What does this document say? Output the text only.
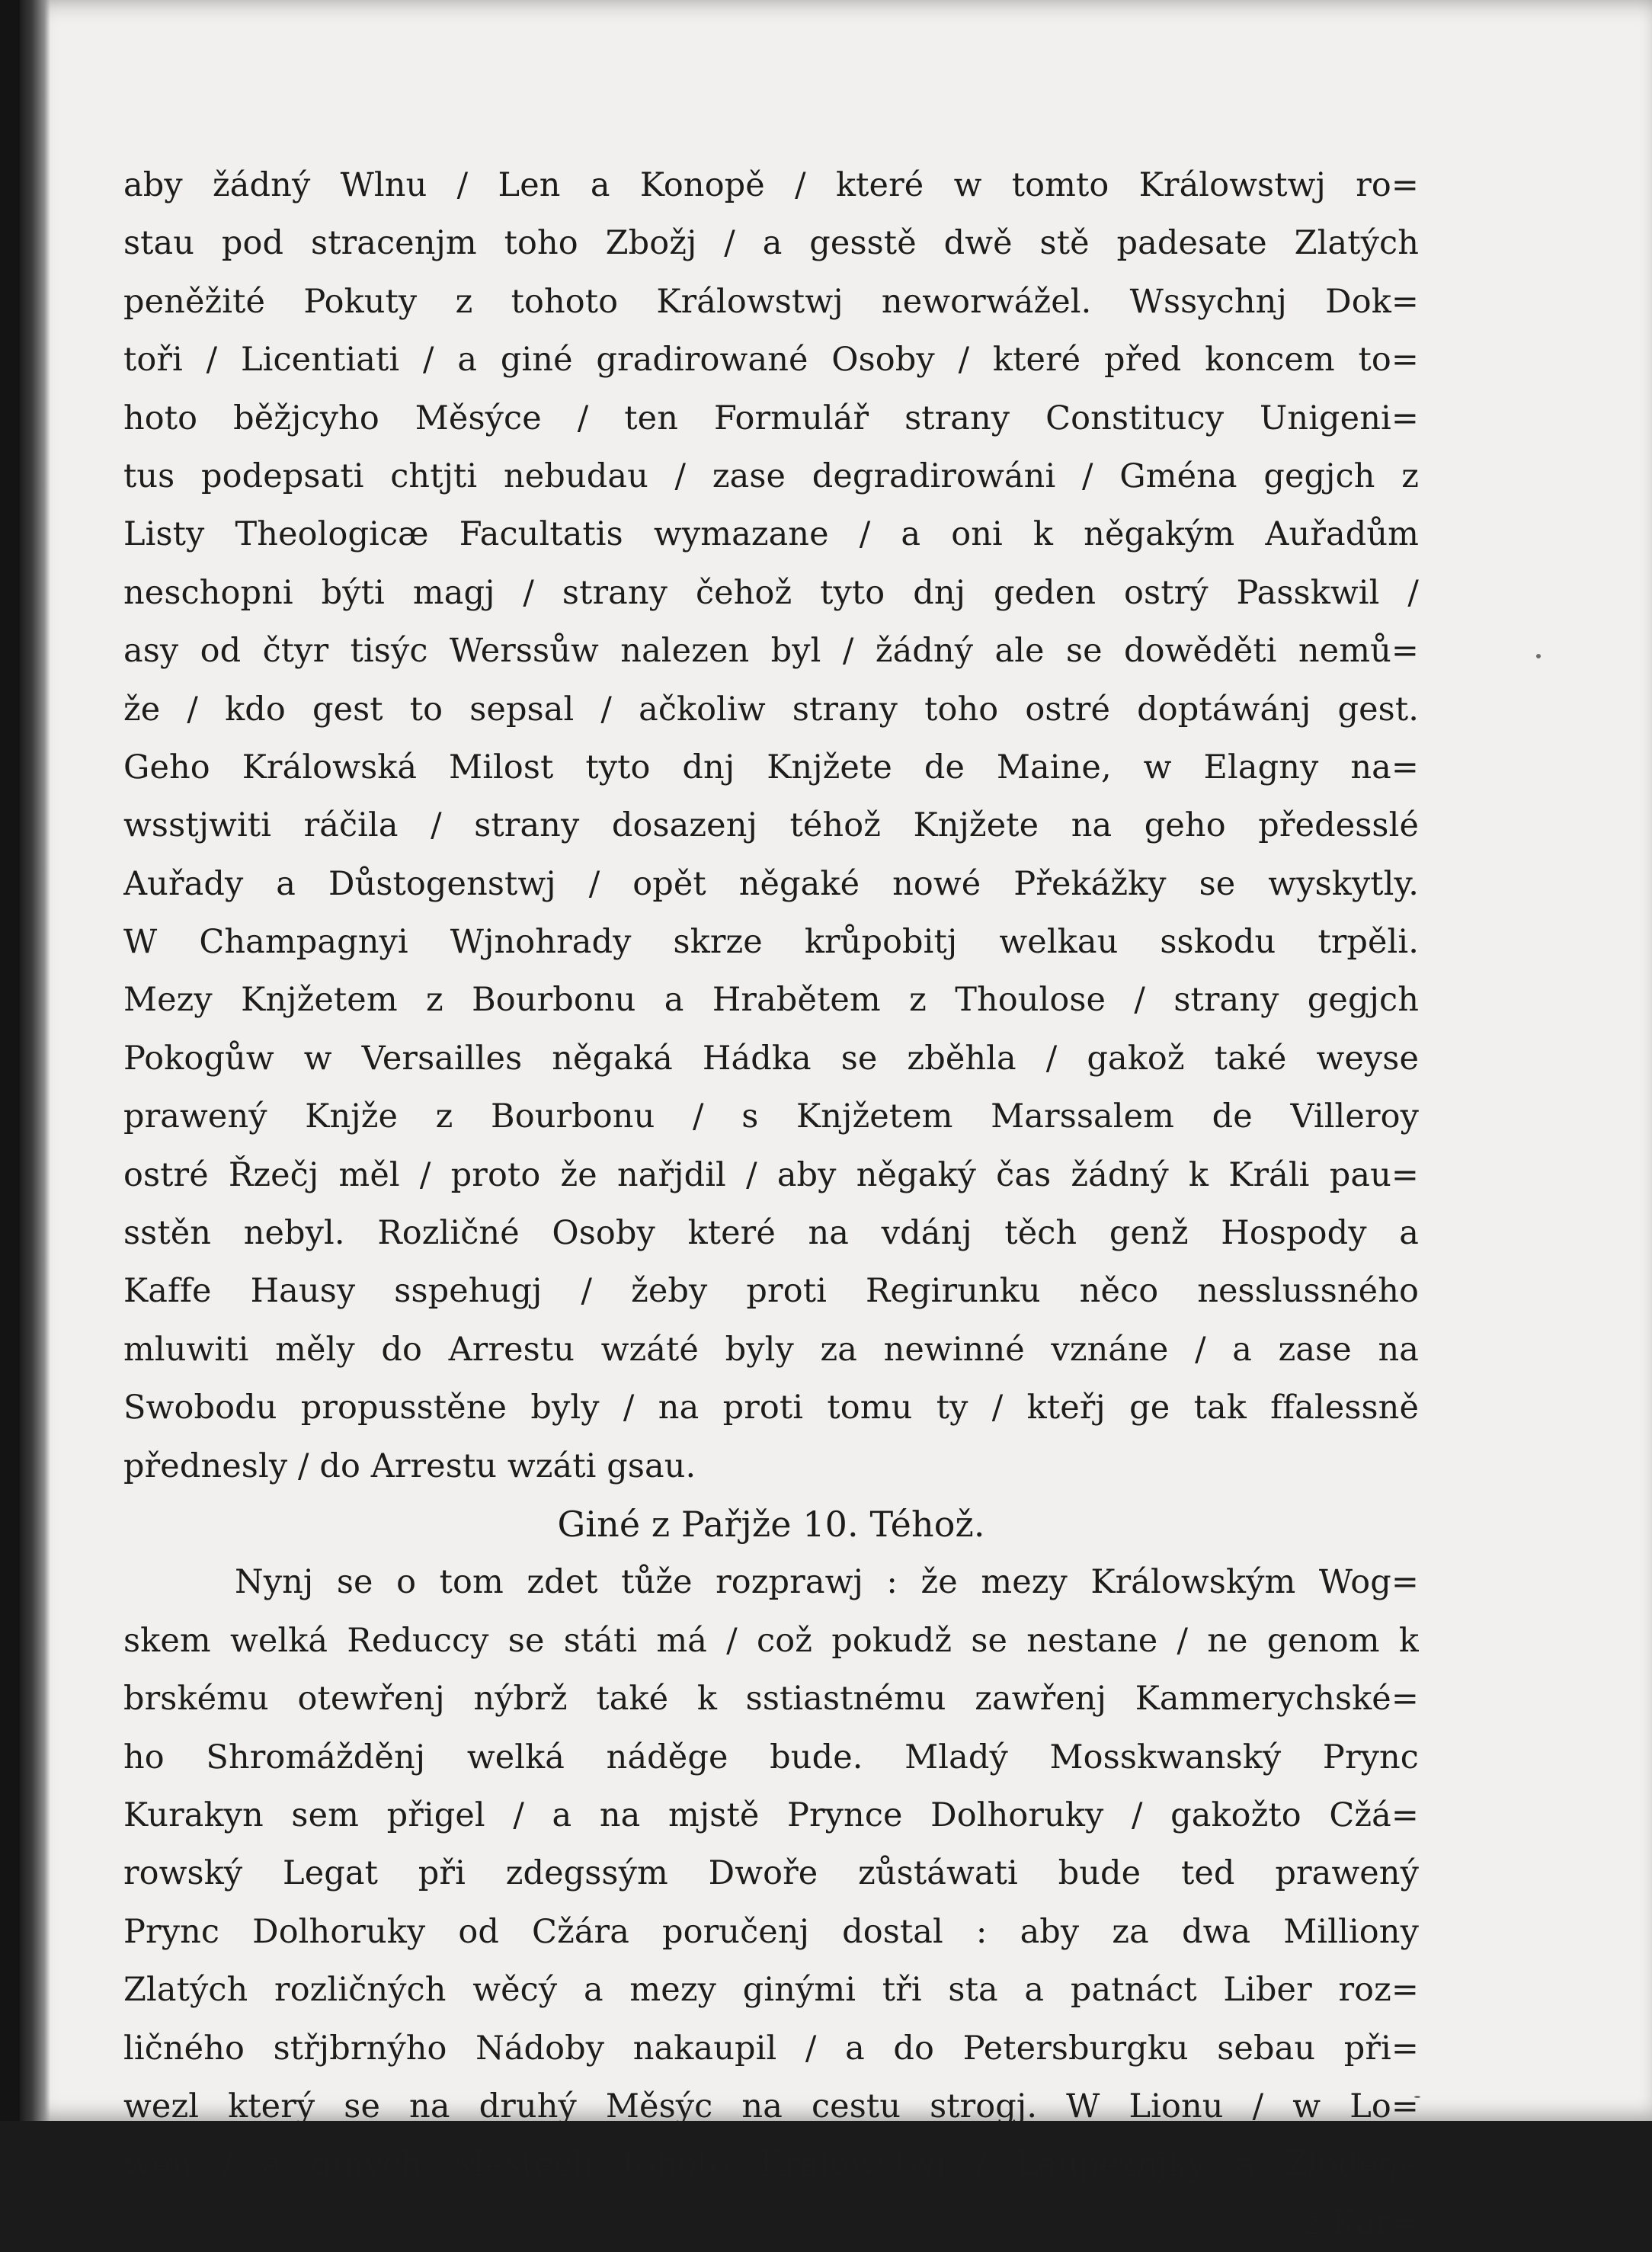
aby žádný Wlnu / Len a Konopě / které w tomto Králowstwj ro=
stau pod stracenjm toho Zbožj / a gesstě dwě stě padesate Zlatých
peněžité Pokuty z tohoto Králowstwj neworwážel. Wssychnj Dok=
toři / Licentiati / a giné gradirowané Osoby / které před koncem to=
hoto běžjcyho Měsýce / ten Formulář strany Constitucy Unigeni=
tus podepsati chtjti nebudau / zase degradirowáni / Gména gegjch z
Listy Theologicæ Facultatis wymazane / a oni k něgakým Auřadům
neschopni býti magj / strany čehož tyto dnj geden ostrý Passkwil /
asy od čtyr tisýc Werssůw nalezen byl / žádný ale se dowěděti nemů=
že / kdo gest to sepsal / ačkoliw strany toho ostré doptáwánj gest.
Geho Králowská Milost tyto dnj Knjžete de Maine, w Elagny na=
wsstjwiti ráčila / strany dosazenj téhož Knjžete na geho předesslé
Auřady a Důstogenstwj / opět něgaké nowé Překážky se wyskytly.
W Champagnyi Wjnohrady skrze krůpobitj welkau sskodu trpěli.
Mezy Knjžetem z Bourbonu a Hrabětem z Thoulose / strany gegjch
Pokogůw w Versailles něgaká Hádka se zběhla / gakož také weyse
prawený Knjže z Bourbonu / s Knjžetem Marssalem de Villeroy
ostré Řzečj měl / proto že nařjdil / aby něgaký čas žádný k Králi pau=
sstěn nebyl. Rozličné Osoby které na vdánj těch genž Hospody a
Kaffe Hausy sspehugj / žeby proti Regirunku něco nesslussného
mluwiti měly do Arrestu wzáté byly za newinné vznáne / a zase na
Swobodu propusstěne byly / na proti tomu ty / kteřj ge tak ffalessně
přednesly / do Arrestu wzáti gsau.
Giné z Pařjže 10. Téhož.
Nynj se o tom zdet tůže rozprawj : že mezy Králowským Wog=
skem welká Reduccy se státi má / což pokudž se nestane / ne genom k
brskému otewřenj nýbrž také k sstiastnému zawřenj Kammerychské=
ho Shromážděnj welká náděge bude. Mladý Mosskwanský Prync
Kurakyn sem přigel / a na mjstě Prynce Dolhoruky / gakožto Cžá=
rowský Legat při zdegssým Dwoře zůstáwati bude ted prawený
Prync Dolhoruky od Cžára poručenj dostal : aby za dwa Milliony
Zlatých rozličných wěcý a mezy ginými tři sta a patnáct Liber roz=
ličného střjbrnýho Nádoby nakaupil / a do Petersburgku sebau při=
wezl který se na druhý Měsýc na cestu strogj. W Lionu / w Lo=
wen / a giných Městech tohoto Kralowstwj / Laupežnjky a Zlodège
z Kar=
